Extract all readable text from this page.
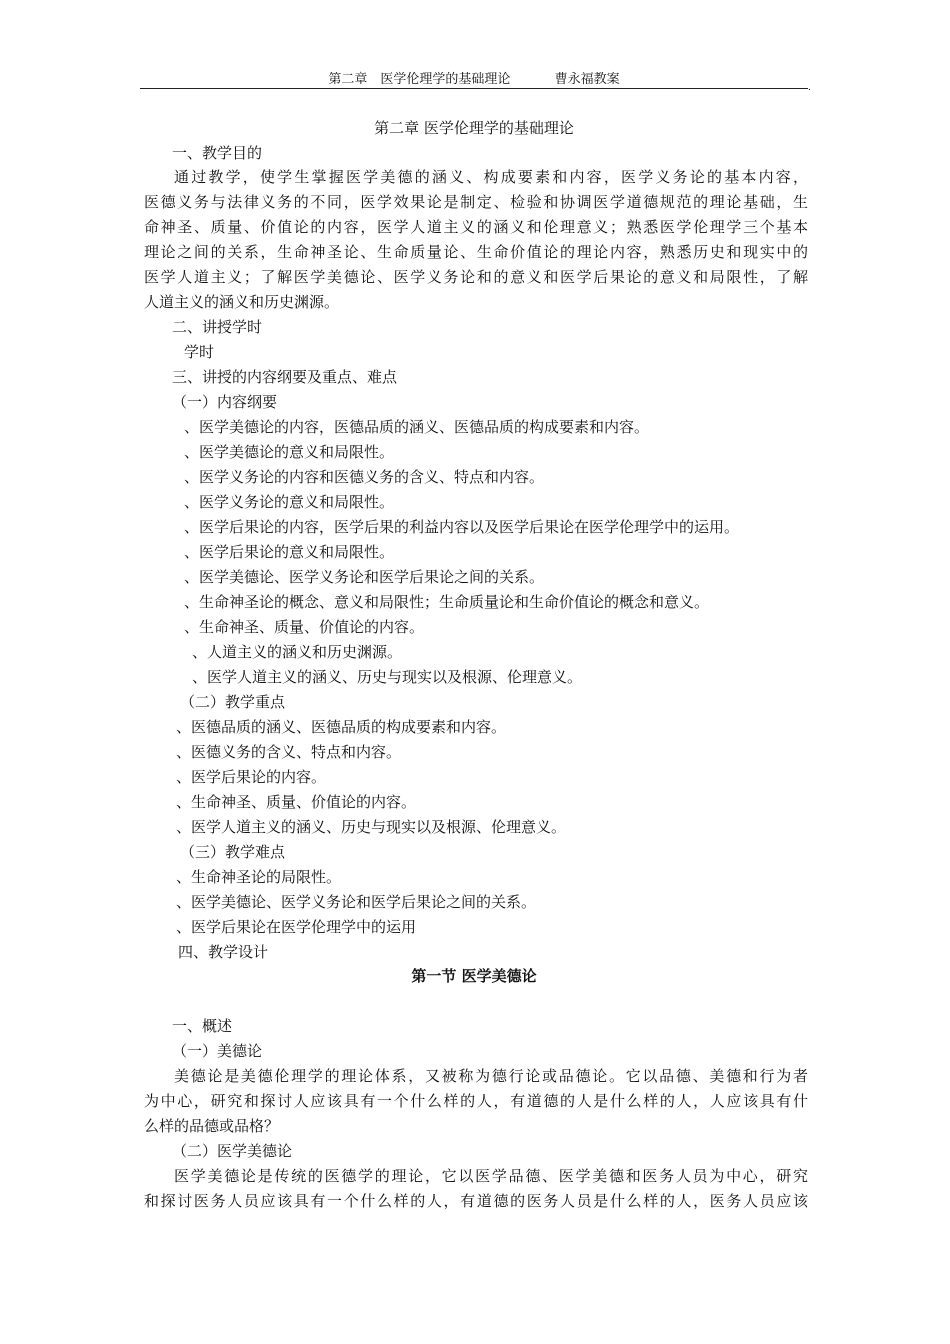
第二章　医学伦理学的基础理论	曹永福教案
.
第二章 医学伦理学的基础理论
一、教学目的
通过教学，使学生掌握医学美德的涵义、构成要素和内容，医学义务论的基本内容，
医德义务与法律义务的不同，医学效果论是制定、检验和协调医学道德规范的理论基础，生
命神圣、质量、价值论的内容，医学人道主义的涵义和伦理意义；熟悉医学伦理学三个基本
理论之间的关系，生命神圣论、生命质量论、生命价值论的理论内容，熟悉历史和现实中的
医学人道主义；了解医学美德论、医学义务论和的意义和医学后果论的意义和局限性，了解
人道主义的涵义和历史渊源。
二、讲授学时
学时
三、讲授的内容纲要及重点、难点
（一）内容纲要
、医学美德论的内容，医德品质的涵义、医德品质的构成要素和内容。
、医学美德论的意义和局限性。
、医学义务论的内容和医德义务的含义、特点和内容。
、医学义务论的意义和局限性。
、医学后果论的内容，医学后果的利益内容以及医学后果论在医学伦理学中的运用。
、医学后果论的意义和局限性。
、医学美德论、医学义务论和医学后果论之间的关系。
、生命神圣论的概念、意义和局限性；生命质量论和生命价值论的概念和意义。
、生命神圣、质量、价值论的内容。
、人道主义的涵义和历史渊源。
、医学人道主义的涵义、历史与现实以及根源、伦理意义。
（二）教学重点
、医德品质的涵义、医德品质的构成要素和内容。
、医德义务的含义、特点和内容。
、医学后果论的内容。
、生命神圣、质量、价值论的内容。
、医学人道主义的涵义、历史与现实以及根源、伦理意义。
（三）教学难点
、生命神圣论的局限性。
、医学美德论、医学义务论和医学后果论之间的关系。
、医学后果论在医学伦理学中的运用
四、教学设计
第一节 医学美德论
一、概述
（一）美德论
美德论是美德伦理学的理论体系，又被称为德行论或品德论。它以品德、美德和行为者
为中心，研究和探讨人应该具有一个什么样的人，有道德的人是什么样的人，人应该具有什
么样的品德或品格？
（二）医学美德论
医学美德论是传统的医德学的理论，它以医学品德、医学美德和医务人员为中心，研究
和探讨医务人员应该具有一个什么样的人，有道德的医务人员是什么样的人，医务人员应该
